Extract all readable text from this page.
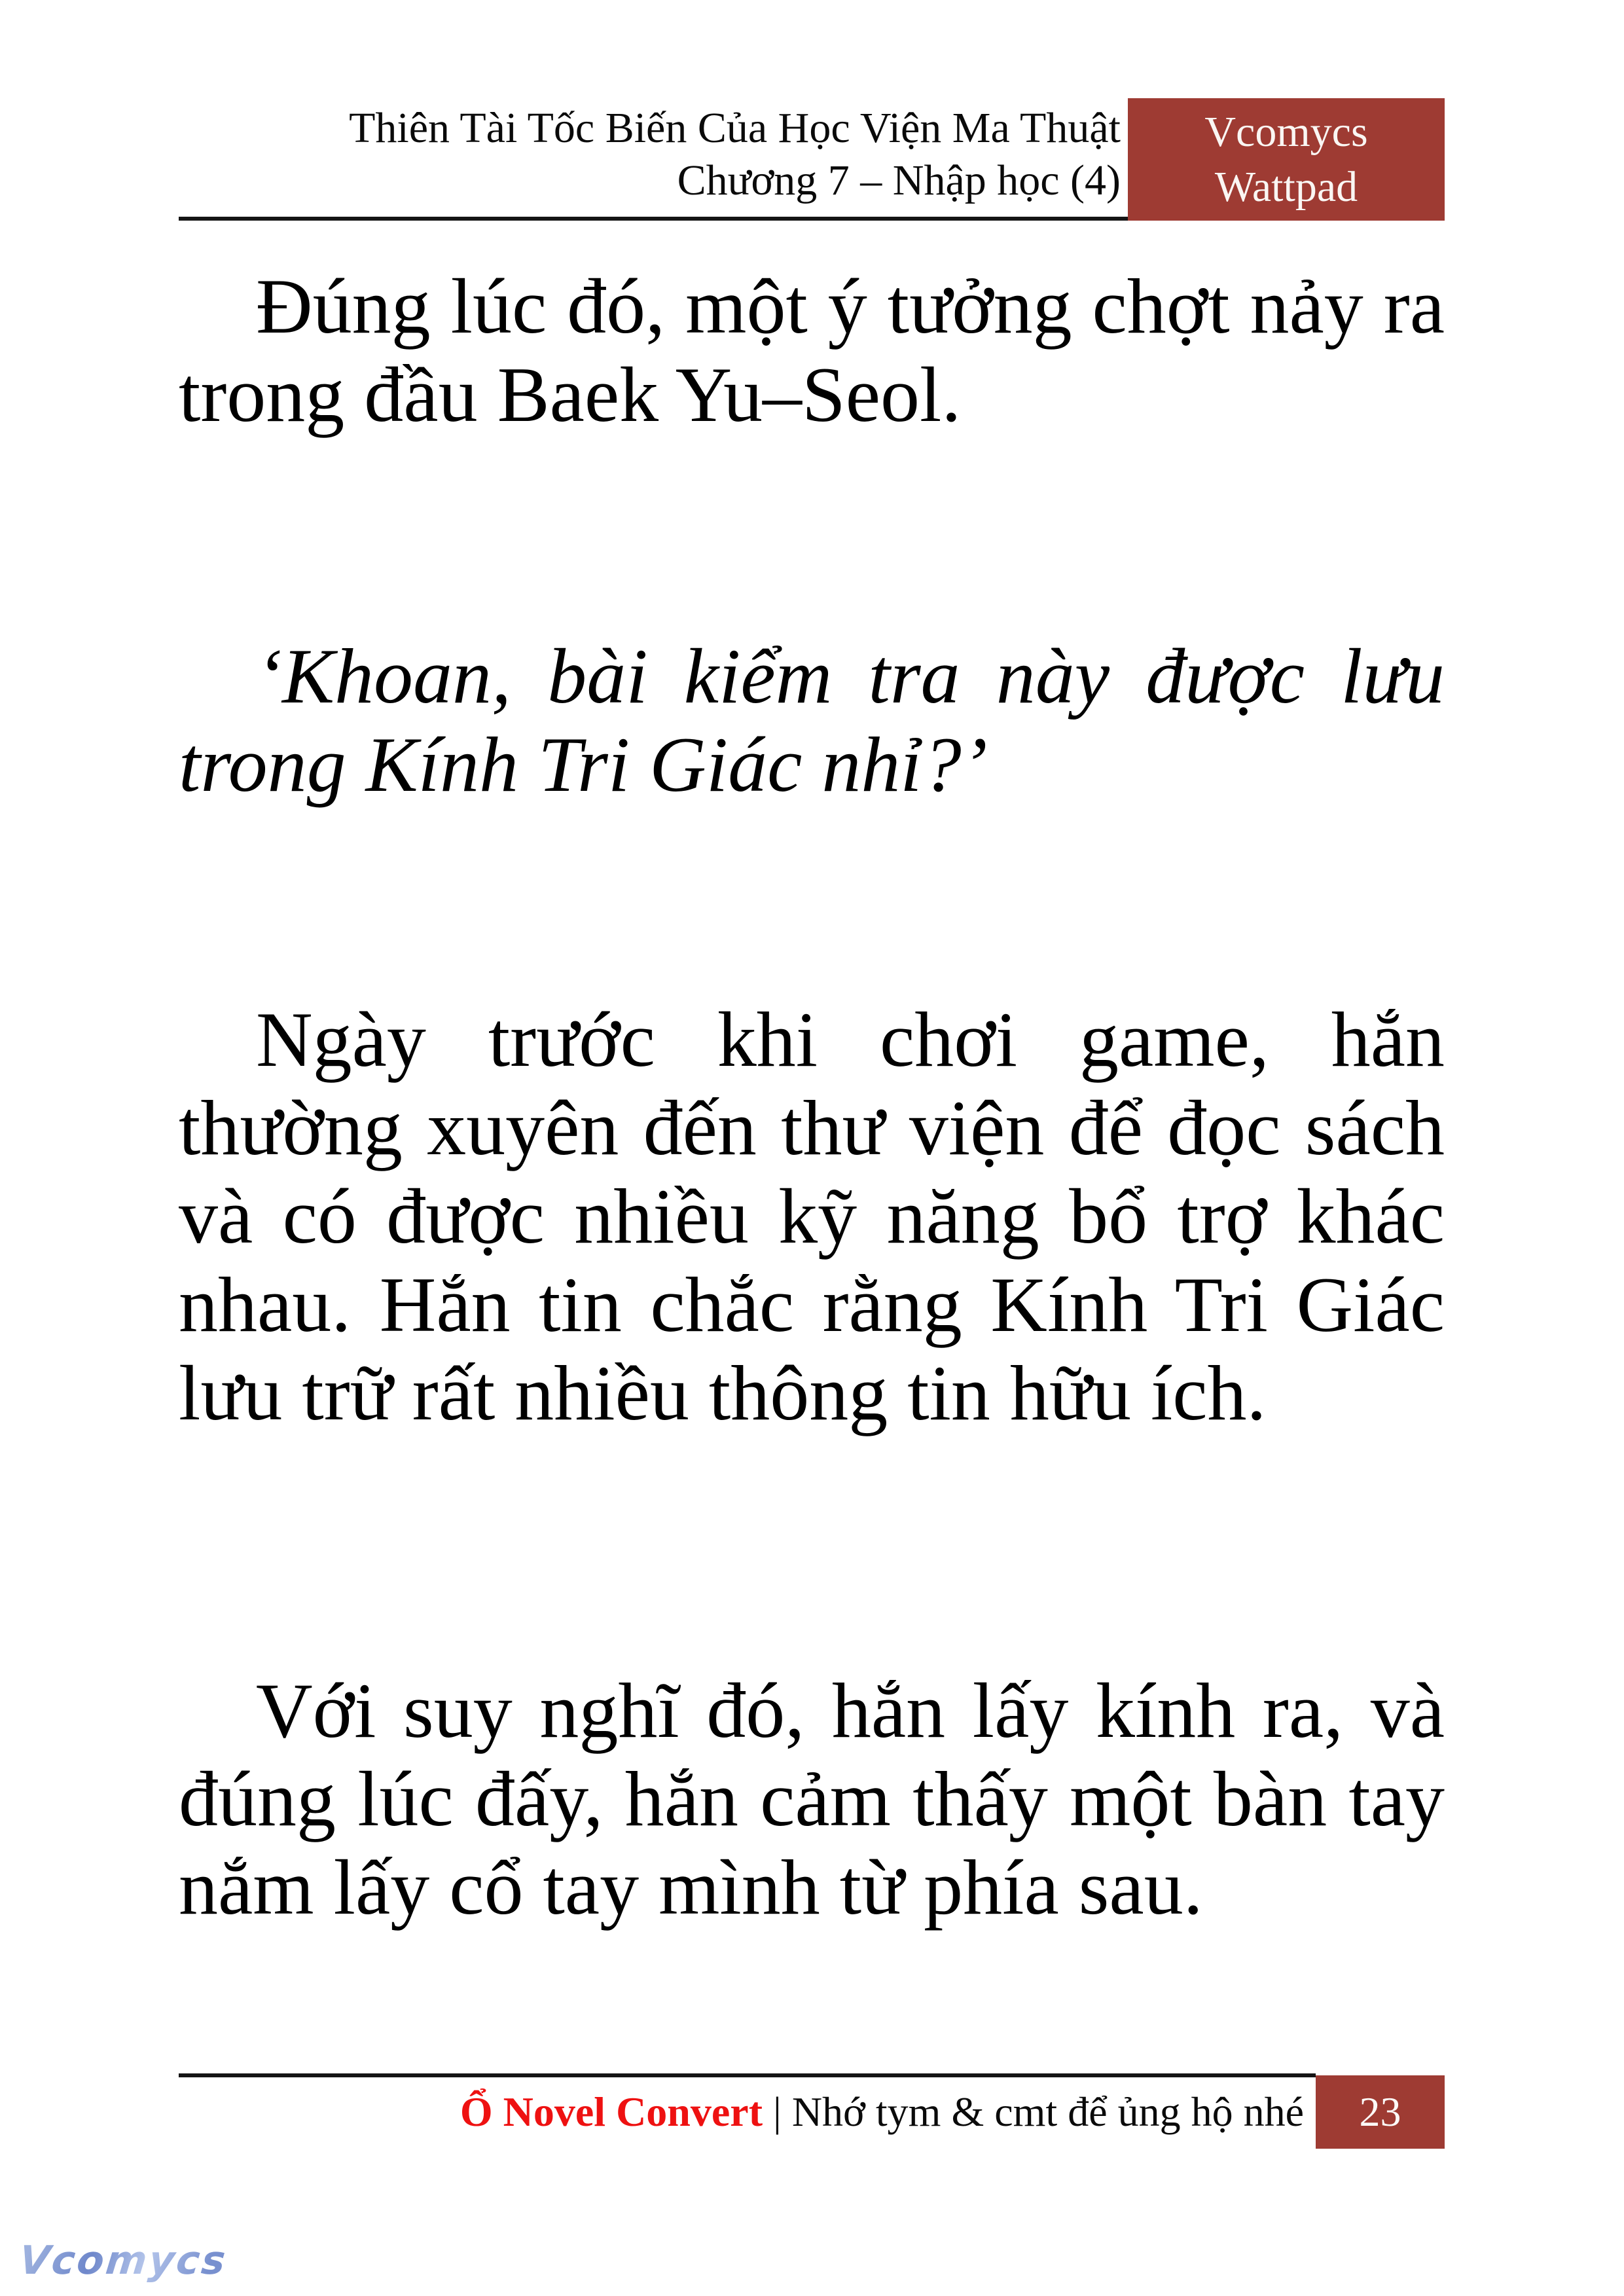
Thiên Tài Tốc Biến Của Học Viện Ma Thuật
Chương 7 – Nhập học (4)
Vcomycs
Wattpad

Đúng lúc đó, một ý tưởng chợt nảy ra trong đầu Baek Yu–Seol.

‘Khoan, bài kiểm tra này được lưu trong Kính Tri Giác nhỉ?’

Ngày trước khi chơi game, hắn thường xuyên đến thư viện để đọc sách và có được nhiều kỹ năng bổ trợ khác nhau. Hắn tin chắc rằng Kính Tri Giác lưu trữ rất nhiều thông tin hữu ích.

Với suy nghĩ đó, hắn lấy kính ra, và đúng lúc đấy, hắn cảm thấy một bàn tay nắm lấy cổ tay mình từ phía sau.

Ổ Novel Convert | Nhớ tym & cmt để ủng hộ nhé 23
Vcomycs
